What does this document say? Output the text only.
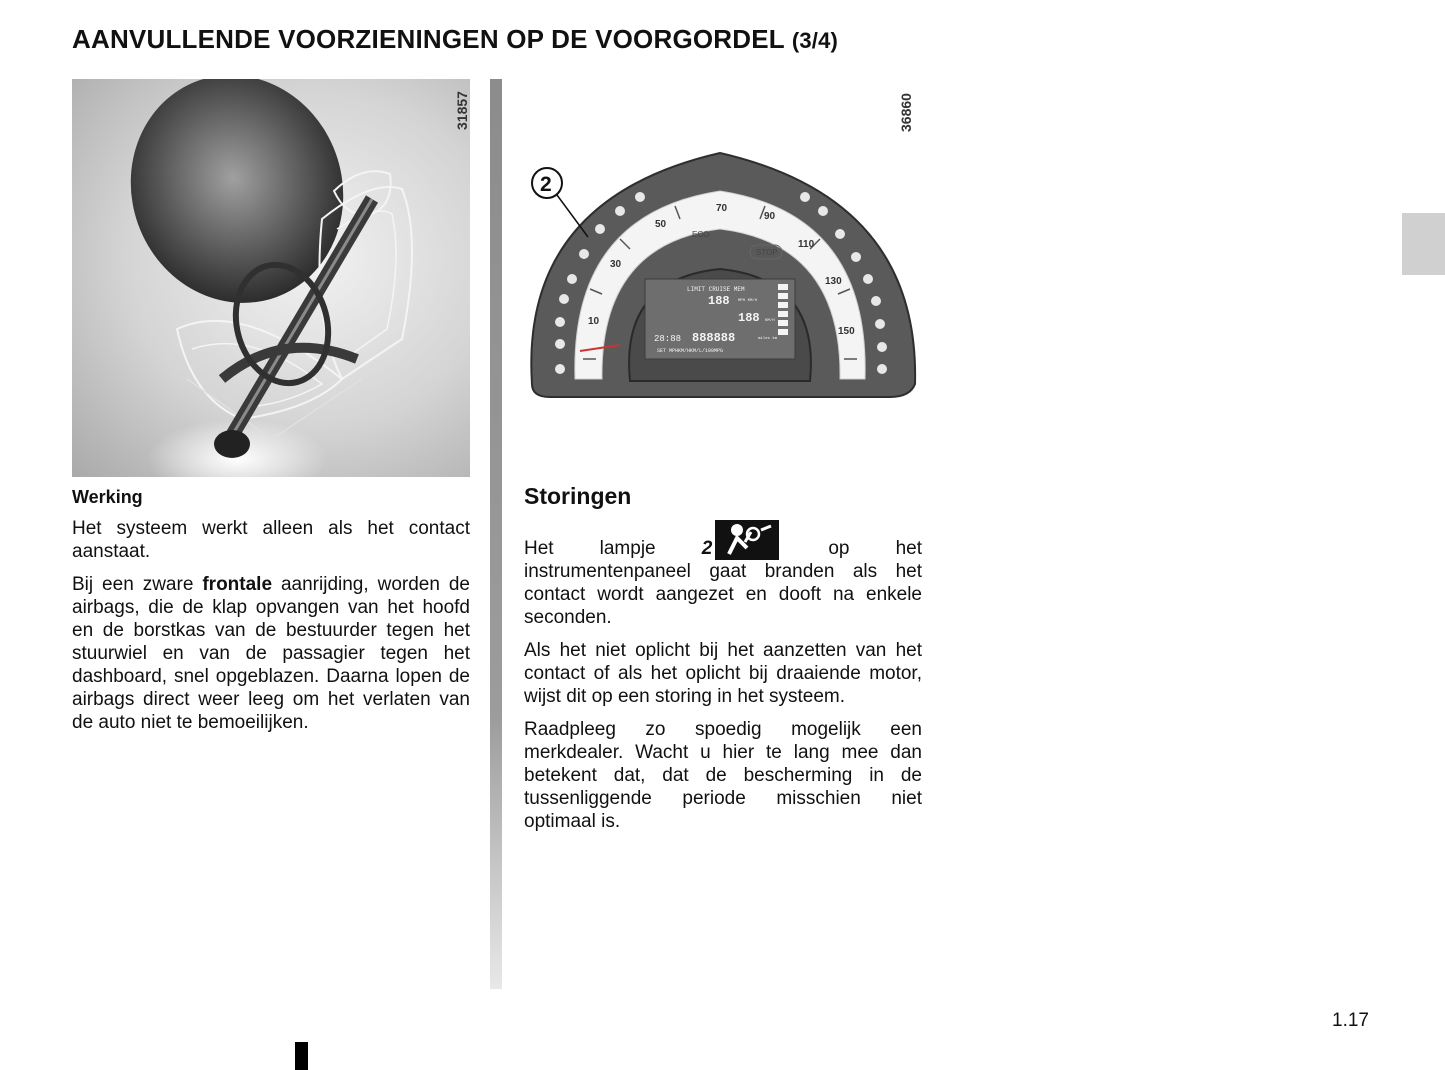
AANVULLENDE VOORZIENINGEN OP DE VOORGORDEL (3/4)
31857
10
30
50
70
90
110
130
150
ECO
STOP
LIMIT CRUISE MEM
188 MPH KM/H
188 KM/H
28:88 888888	miles km
SET MPHKM/HKM/L/100MPG
2
36860
Werking

Het systeem werkt alleen als het contact aanstaat.

Bij een zware frontale aanrijding, worden de airbags, die de klap opvangen van het hoofd en de borstkas van de bestuurder tegen het stuurwiel en van de passagier tegen het dashboard, snel opgeblazen. Daarna lopen de airbags direct weer leeg om het verlaten van de auto niet te bemoeilijken.

Storingen

Het lampje 2	op het instrumentenpaneel gaat branden als het contact wordt aangezet en dooft na enkele seconden.

Als het niet oplicht bij het aanzetten van het contact of als het oplicht bij draaiende motor, wijst dit op een storing in het systeem.

Raadpleeg zo spoedig mogelijk een merkdealer. Wacht u hier te lang mee dan betekent dat, dat de bescherming in de tussenliggende periode misschien niet optimaal is.

1.17
